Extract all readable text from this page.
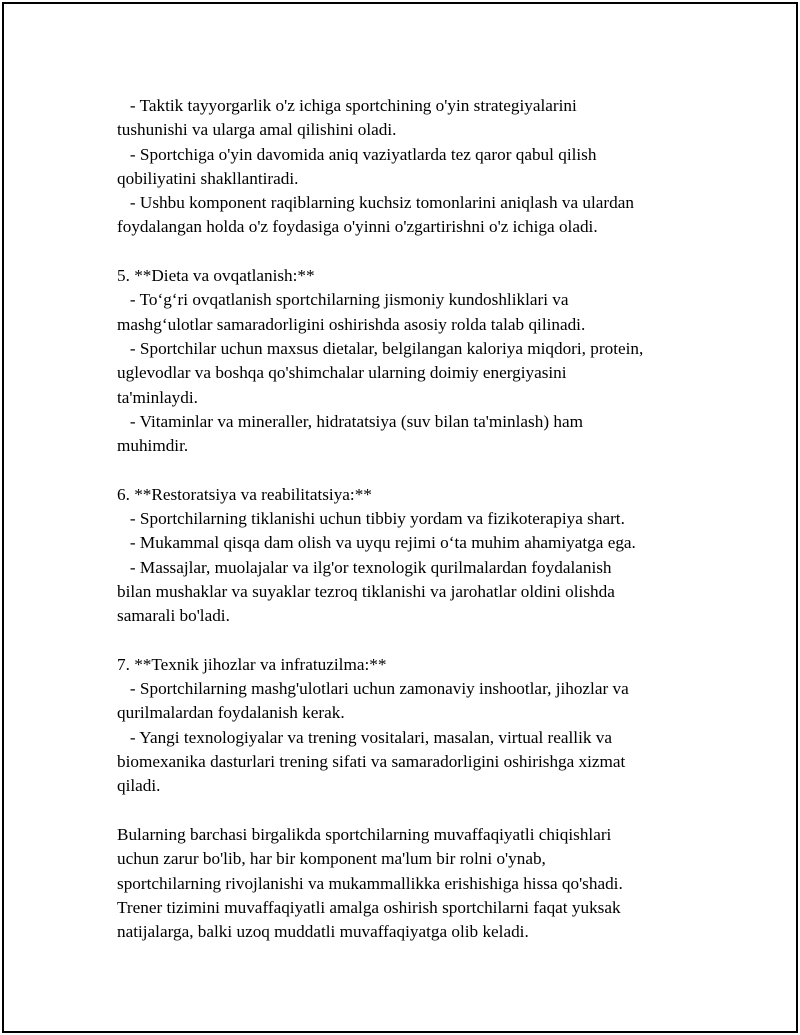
- Taktik tayyorgarlik o'z ichiga sportchining o'yin strategiyalarini
tushunishi va ularga amal qilishini oladi.
- Sportchiga o'yin davomida aniq vaziyatlarda tez qaror qabul qilish
qobiliyatini shakllantiradi.
- Ushbu komponent raqiblarning kuchsiz tomonlarini aniqlash va ulardan
foydalangan holda o'z foydasiga o'yinni o'zgartirishni o'z ichiga oladi.
5. **Dieta va ovqatlanish:**
- To‘g‘ri ovqatlanish sportchilarning jismoniy kundoshliklari va
mashg‘ulotlar samaradorligini oshirishda asosiy rolda talab qilinadi.
- Sportchilar uchun maxsus dietalar, belgilangan kaloriya miqdori, protein,
uglevodlar va boshqa qo'shimchalar ularning doimiy energiyasini
ta'minlaydi.
- Vitaminlar va mineraller, hidratatsiya (suv bilan ta'minlash) ham
muhimdir.
6. **Restoratsiya va reabilitatsiya:**
- Sportchilarning tiklanishi uchun tibbiy yordam va fizikoterapiya shart.
- Mukammal qisqa dam olish va uyqu rejimi o‘ta muhim ahamiyatga ega.
- Massajlar, muolajalar va ilg'or texnologik qurilmalardan foydalanish
bilan mushaklar va suyaklar tezroq tiklanishi va jarohatlar oldini olishda
samarali bo'ladi.
7. **Texnik jihozlar va infratuzilma:**
- Sportchilarning mashg'ulotlari uchun zamonaviy inshootlar, jihozlar va
qurilmalardan foydalanish kerak.
- Yangi texnologiyalar va trening vositalari, masalan, virtual reallik va
biomexanika dasturlari trening sifati va samaradorligini oshirishga xizmat
qiladi.
Bularning barchasi birgalikda sportchilarning muvaffaqiyatli chiqishlari
uchun zarur bo'lib, har bir komponent ma'lum bir rolni o'ynab,
sportchilarning rivojlanishi va mukammallikka erishishiga hissa qo'shadi.
Trener tizimini muvaffaqiyatli amalga oshirish sportchilarni faqat yuksak
natijalarga, balki uzoq muddatli muvaffaqiyatga olib keladi.
